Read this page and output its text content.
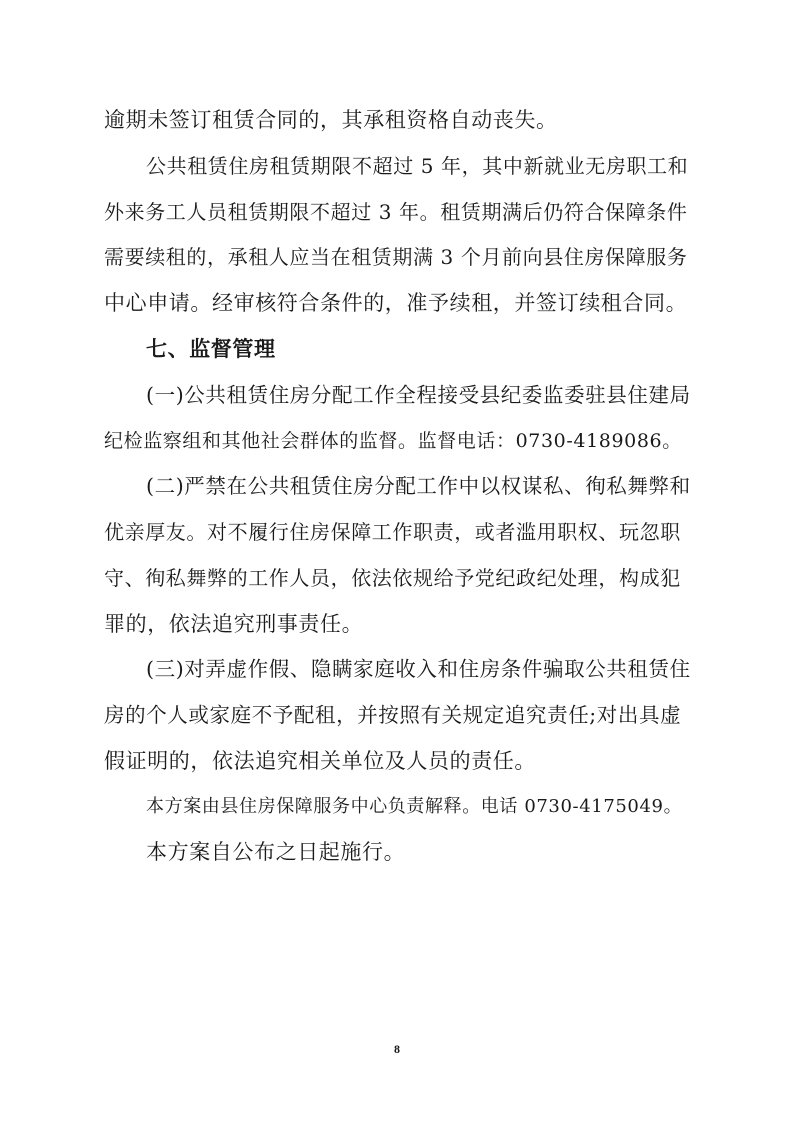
逾期未签订租赁合同的，其承租资格自动丧失。
公共租赁住房租赁期限不超过 5 年，其中新就业无房职工和
外来务工人员租赁期限不超过 3 年。租赁期满后仍符合保障条件
需要续租的，承租人应当在租赁期满 3 个月前向县住房保障服务
中心申请。经审核符合条件的，准予续租，并签订续租合同。
七、监督管理
(一)公共租赁住房分配工作全程接受县纪委监委驻县住建局
纪检监察组和其他社会群体的监督。监督电话：0730-4189086。
(二)严禁在公共租赁住房分配工作中以权谋私、徇私舞弊和
优亲厚友。对不履行住房保障工作职责，或者滥用职权、玩忽职
守、徇私舞弊的工作人员，依法依规给予党纪政纪处理，构成犯
罪的，依法追究刑事责任。
(三)对弄虚作假、隐瞒家庭收入和住房条件骗取公共租赁住
房的个人或家庭不予配租，并按照有关规定追究责任;对出具虚
假证明的，依法追究相关单位及人员的责任。
本方案由县住房保障服务中心负责解释。电话 0730-4175049。
本方案自公布之日起施行。
8
